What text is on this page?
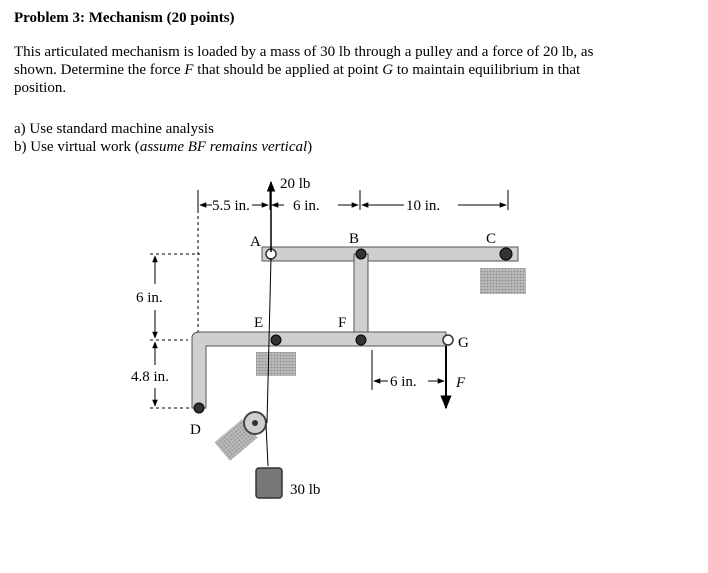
Problem 3: Mechanism (20 points)
This articulated mechanism is loaded by a mass of 30 lb through a pulley and a force of 20 lb, as
shown. Determine the force F that should be applied at point G to maintain equilibrium in that
position.
a) Use standard machine analysis
b) Use virtual work (assume BF remains vertical)
20 lb
5.5 in.	6 in.	10 in.
6 in.
4.8 in.	6 in.
A	B	C
E	F
G
D
F
30 lb
